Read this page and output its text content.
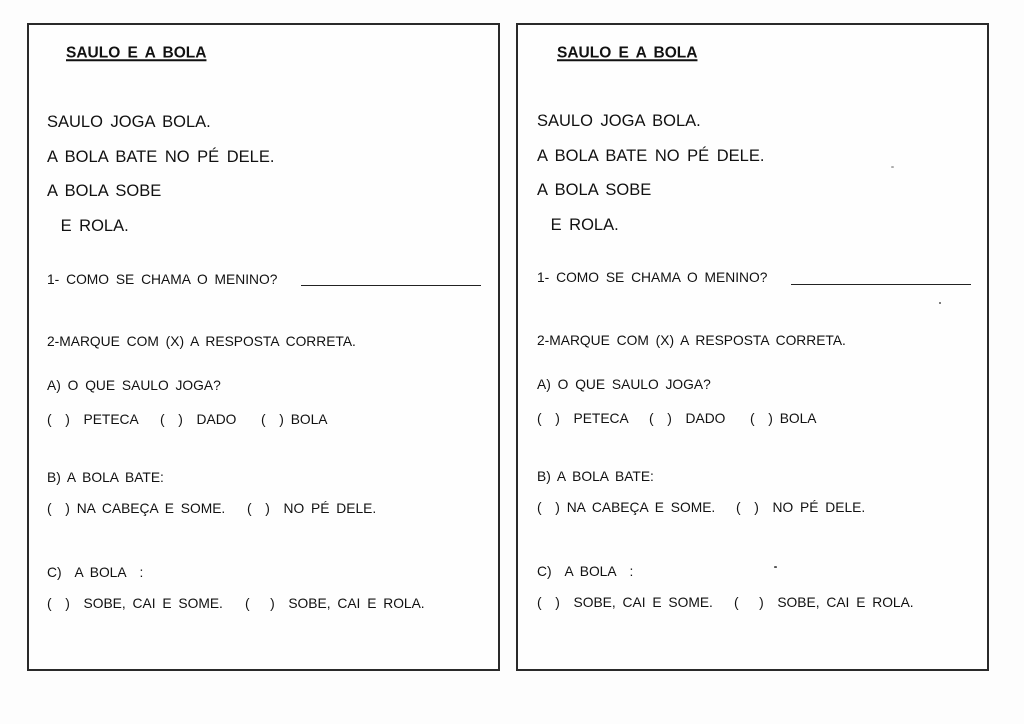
SAULO E A BOLA
SAULO JOGA BOLA.
A BOLA BATE NO PÉ DELE.
A BOLA SOBE
E ROLA.
1- COMO SE CHAMA O MENINO?
2-MARQUE COM (X) A RESPOSTA CORRETA.
A) O QUE SAULO JOGA?
(  )  PETECA (  )  DADO (  ) BOLA
B) A BOLA BATE:
(  ) NA CABEÇA E SOME. (  )  NO PÉ DELE.
C)  A BOLA  :
(  )  SOBE, CAI E SOME. (   )  SOBE, CAI E ROLA.
SAULO E A BOLA
SAULO JOGA BOLA.
A BOLA BATE NO PÉ DELE.
A BOLA SOBE
E ROLA.
1- COMO SE CHAMA O MENINO?
2-MARQUE COM (X) A RESPOSTA CORRETA.
A) O QUE SAULO JOGA?
(  )  PETECA (  )  DADO (  ) BOLA
B) A BOLA BATE:
(  ) NA CABEÇA E SOME. (  )  NO PÉ DELE.
C)  A BOLA  :
(  )  SOBE, CAI E SOME. (   )  SOBE, CAI E ROLA.
